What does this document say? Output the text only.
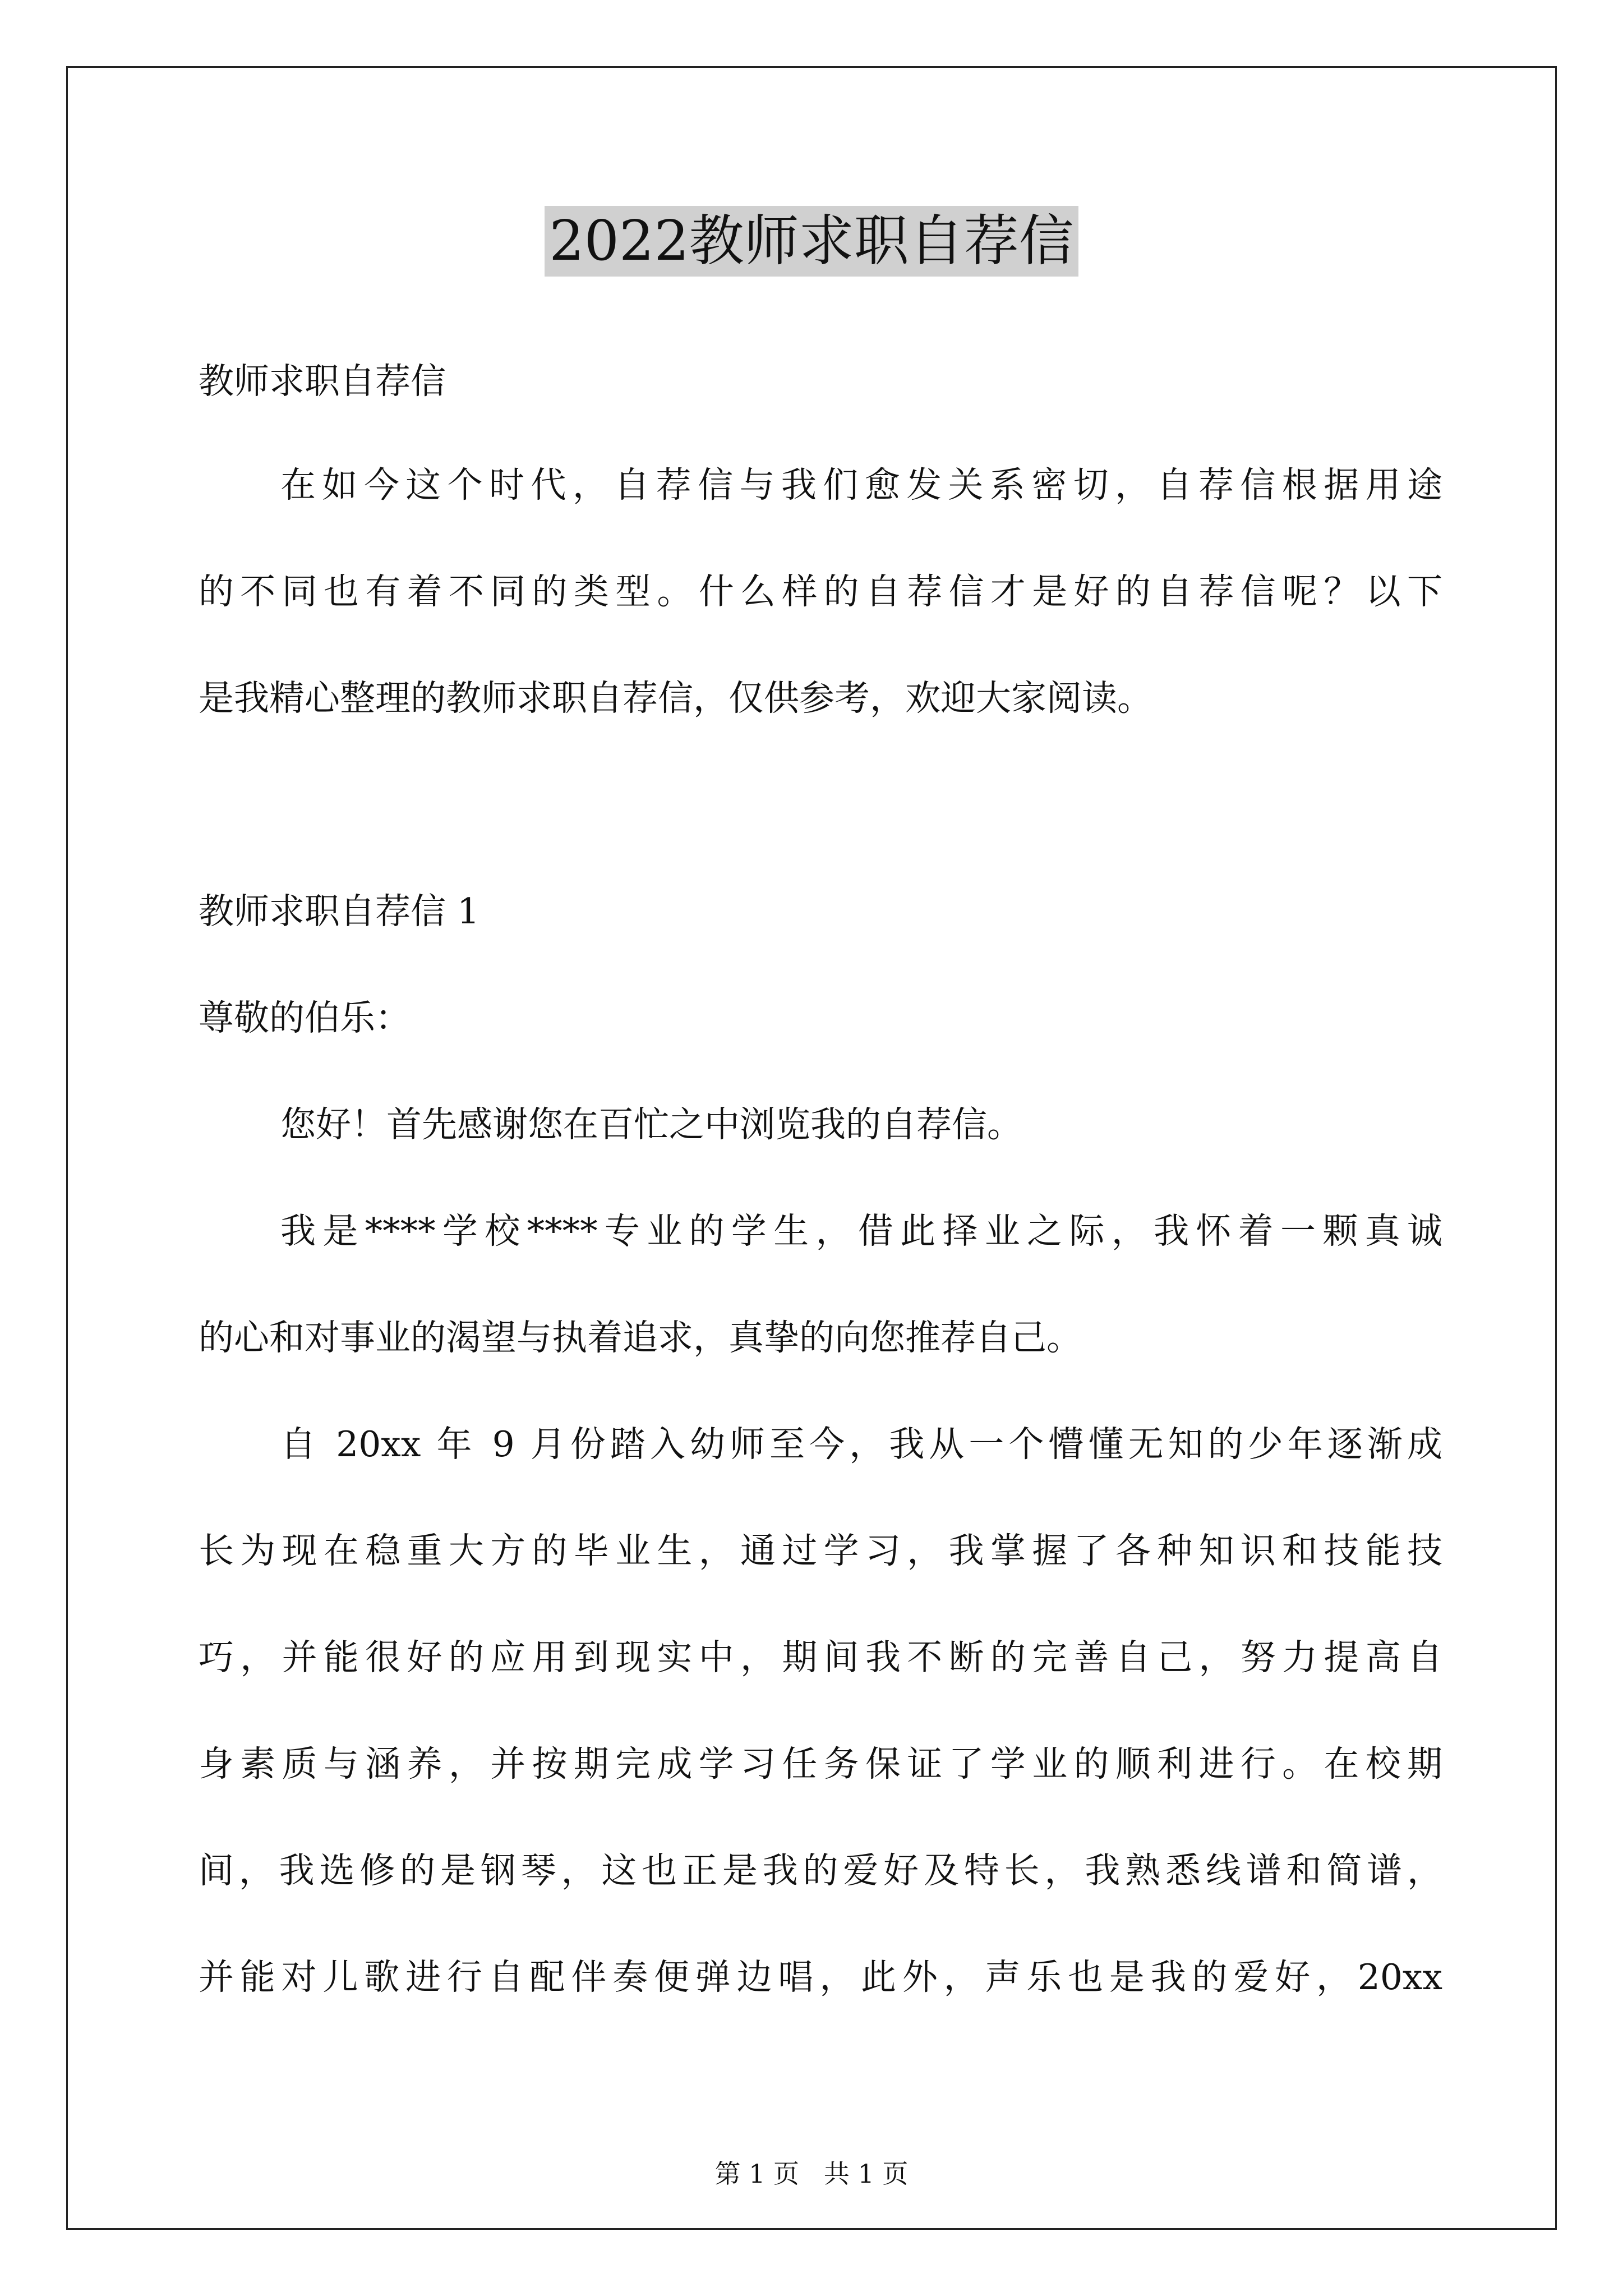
2022教师求职自荐信
教师求职自荐信
在如今这个时代，自荐信与我们愈发关系密切，自荐信根据用途
的不同也有着不同的类型。什么样的自荐信才是好的自荐信呢？以下
是我精心整理的教师求职自荐信，仅供参考，欢迎大家阅读。
教师求职自荐信 1
尊敬的伯乐：
您好！首先感谢您在百忙之中浏览我的自荐信。
我是****学校****专业的学生，借此择业之际，我怀着一颗真诚
的心和对事业的渴望与执着追求，真挚的向您推荐自己。
自 20xx 年 9 月份踏入幼师至今，我从一个懵懂无知的少年逐渐成
长为现在稳重大方的毕业生，通过学习，我掌握了各种知识和技能技
巧，并能很好的应用到现实中，期间我不断的完善自己，努力提高自
身素质与涵养，并按期完成学习任务保证了学业的顺利进行。在校期
间，我选修的是钢琴，这也正是我的爱好及特长，我熟悉线谱和简谱，
并能对儿歌进行自配伴奏便弹边唱，此外，声乐也是我的爱好，20xx
第 1 页   共 1 页
